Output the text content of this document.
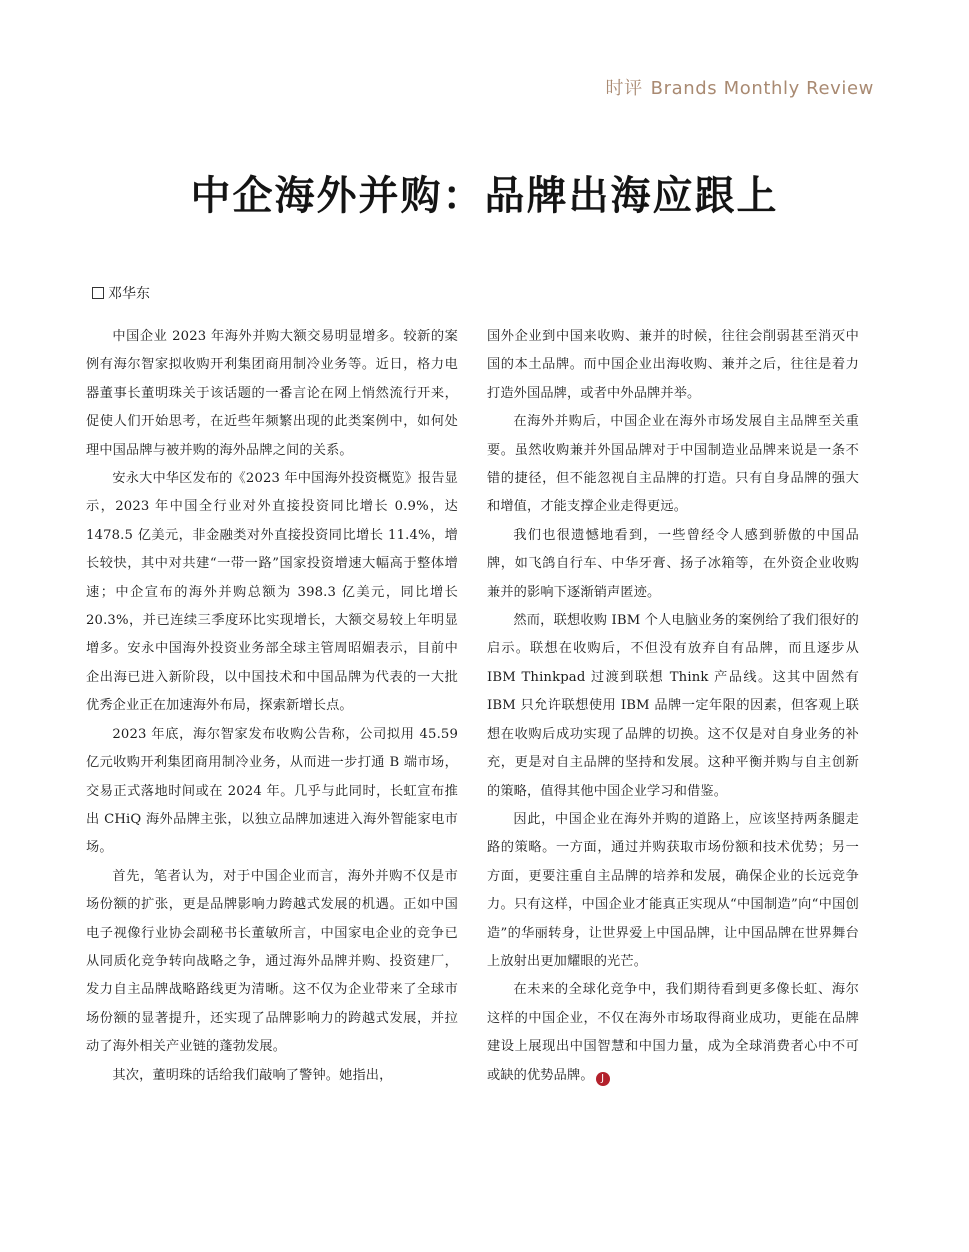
时评 Brands Monthly Review
中企海外并购：品牌出海应跟上
邓华东

中国企业 2023 年海外并购大额交易明显增多。较新的案例有海尔智家拟收购开利集团商用制冷业务等。近日，格力电器董事长董明珠关于该话题的一番言论在网上悄然流行开来，促使人们开始思考，在近些年频繁出现的此类案例中，如何处理中国品牌与被并购的海外品牌之间的关系。

安永大中华区发布的《2023 年中国海外投资概览》报告显示，2023 年中国全行业对外直接投资同比增长 0.9%，达 1478.5 亿美元，非金融类对外直接投资同比增长 11.4%，增长较快，其中对共建“一带一路”国家投资增速大幅高于整体增速；中企宣布的海外并购总额为 398.3 亿美元，同比增长 20.3%，并已连续三季度环比实现增长，大额交易较上年明显增多。安永中国海外投资业务部全球主管周昭媚表示，目前中企出海已进入新阶段，以中国技术和中国品牌为代表的一大批优秀企业正在加速海外布局，探索新增长点。

2023 年底，海尔智家发布收购公告称，公司拟用 45.59 亿元收购开利集团商用制冷业务，从而进一步打通 B 端市场，交易正式落地时间或在 2024 年。几乎与此同时，长虹宣布推出 CHiQ 海外品牌主张，以独立品牌加速进入海外智能家电市场。

首先，笔者认为，对于中国企业而言，海外并购不仅是市场份额的扩张，更是品牌影响力跨越式发展的机遇。正如中国电子视像行业协会副秘书长董敏所言，中国家电企业的竞争已从同质化竞争转向战略之争，通过海外品牌并购、投资建厂，发力自主品牌战略路线更为清晰。这不仅为企业带来了全球市场份额的显著提升，还实现了品牌影响力的跨越式发展，并拉动了海外相关产业链的蓬勃发展。

其次，董明珠的话给我们敲响了警钟。她指出，

国外企业到中国来收购、兼并的时候，往往会削弱甚至消灭中国的本土品牌。而中国企业出海收购、兼并之后，往往是着力打造外国品牌，或者中外品牌并举。

在海外并购后，中国企业在海外市场发展自主品牌至关重要。虽然收购兼并外国品牌对于中国制造业品牌来说是一条不错的捷径，但不能忽视自主品牌的打造。只有自身品牌的强大和增值，才能支撑企业走得更远。

我们也很遗憾地看到，一些曾经令人感到骄傲的中国品牌，如飞鸽自行车、中华牙膏、扬子冰箱等，在外资企业收购兼并的影响下逐渐销声匿迹。

然而，联想收购 IBM 个人电脑业务的案例给了我们很好的启示。联想在收购后，不但没有放弃自有品牌，而且逐步从 IBM Thinkpad 过渡到联想 Think 产品线。这其中固然有 IBM 只允许联想使用 IBM 品牌一定年限的因素，但客观上联想在收购后成功实现了品牌的切换。这不仅是对自身业务的补充，更是对自主品牌的坚持和发展。这种平衡并购与自主创新的策略，值得其他中国企业学习和借鉴。

因此，中国企业在海外并购的道路上，应该坚持两条腿走路的策略。一方面，通过并购获取市场份额和技术优势；另一方面，更要注重自主品牌的培养和发展，确保企业的长远竞争力。只有这样，中国企业才能真正实现从“中国制造”向“中国创造”的华丽转身，让世界爱上中国品牌，让中国品牌在世界舞台上放射出更加耀眼的光芒。

在未来的全球化竞争中，我们期待看到更多像长虹、海尔这样的中国企业，不仅在海外市场取得商业成功，更能在品牌建设上展现出中国智慧和中国力量，成为全球消费者心中不可或缺的优势品牌。 J
